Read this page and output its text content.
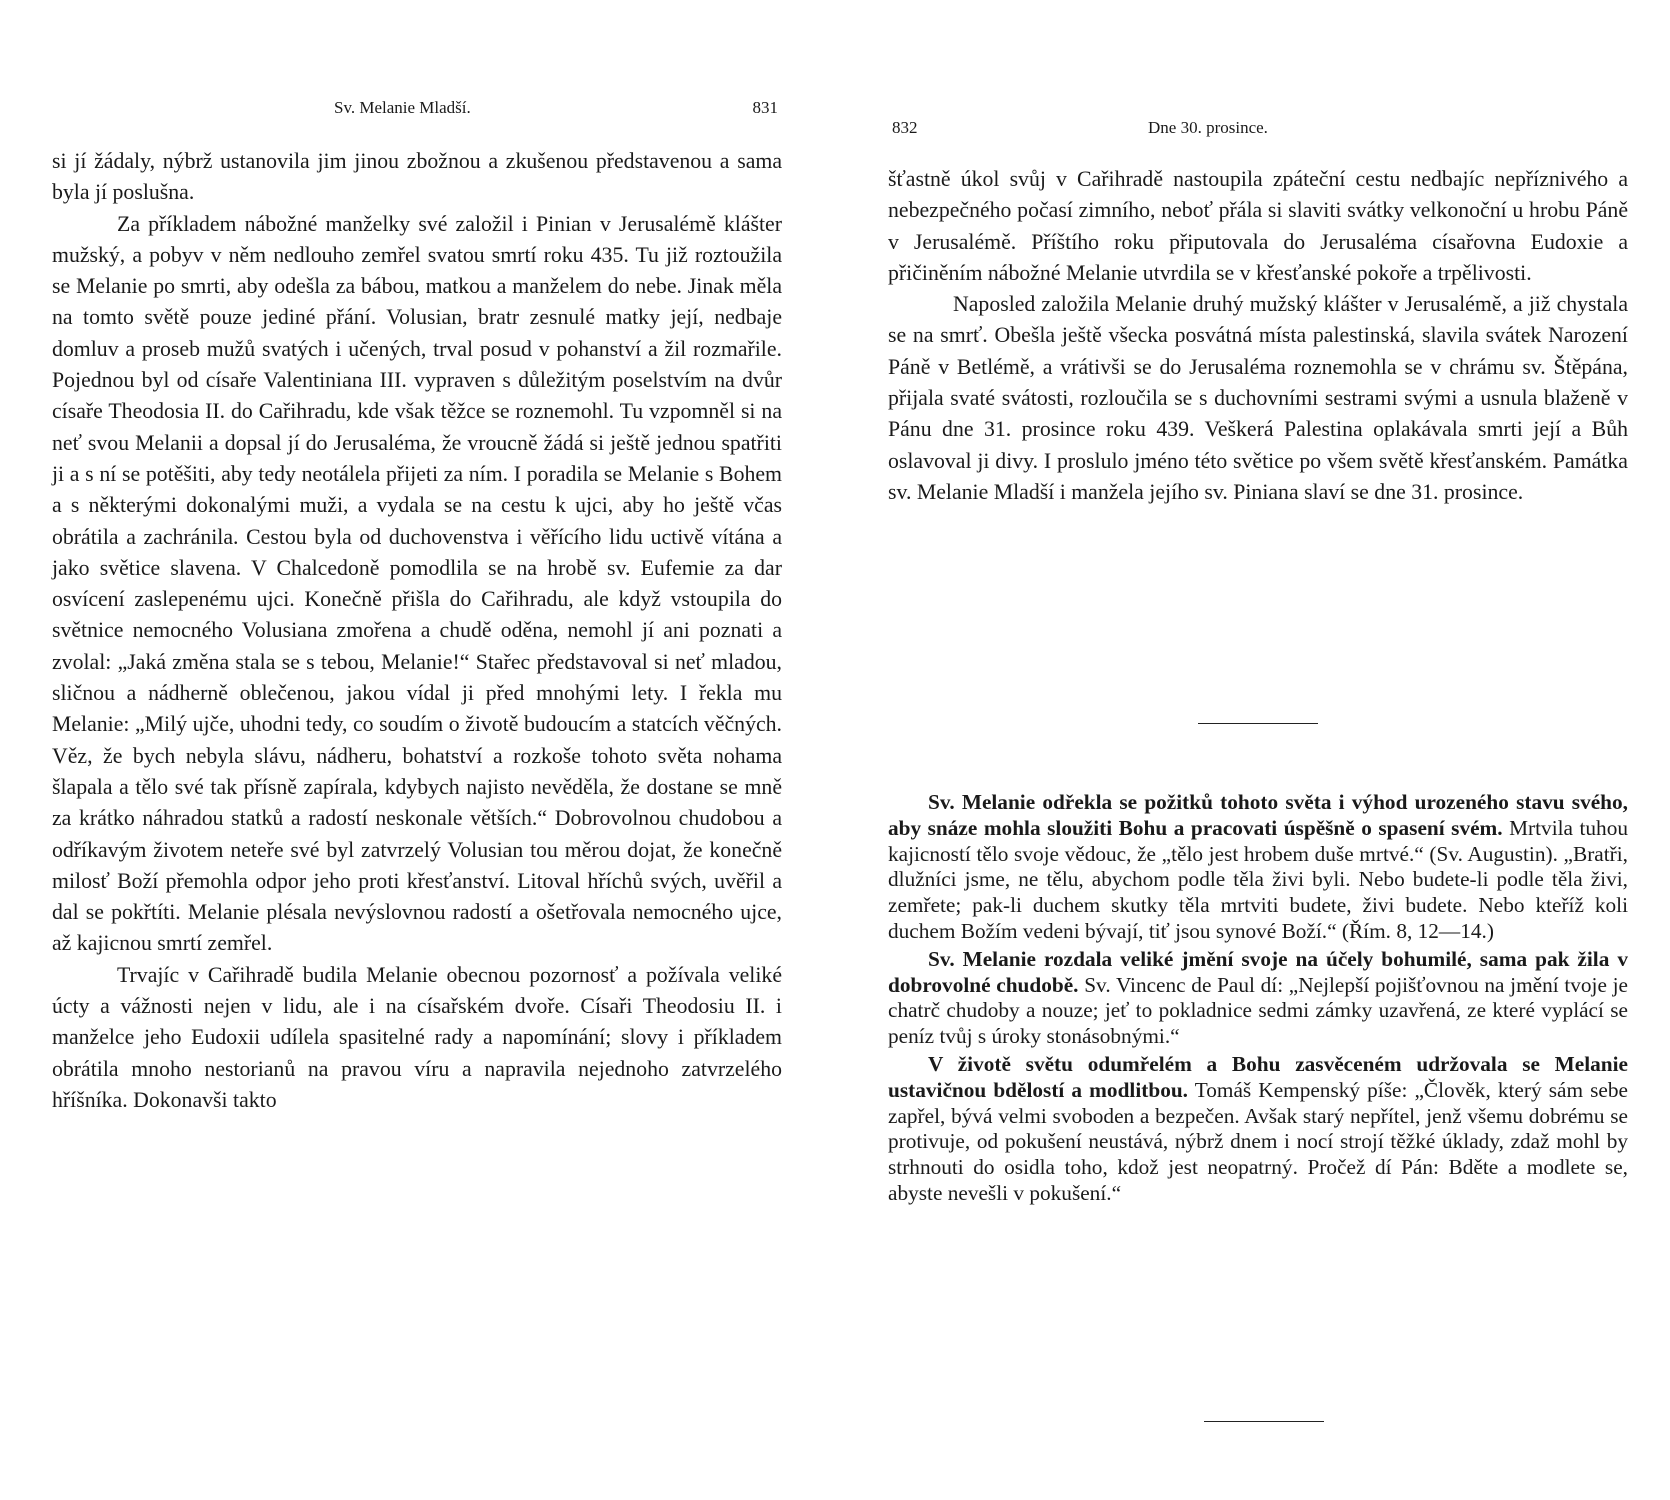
Sv. Melanie Mladší.	831

si jí žádaly, nýbrž ustanovila jim jinou zbožnou a zkušenou představenou a sama byla jí poslušna.

Za příkladem nábožné manželky své založil i Pinian v Jerusalémě klášter mužský, a pobyv v něm nedlouho zemřel svatou smrtí roku 435. Tu již roztoužila se Melanie po smrti, aby odešla za bábou, matkou a manželem do nebe. Jinak měla na tomto světě pouze jediné přání. Volusian, bratr zesnulé matky její, nedbaje domluv a proseb mužů svatých i učených, trval posud v pohanství a žil rozmařile. Pojednou byl od císaře Valentiniana III. vypraven s důležitým poselstvím na dvůr císaře Theodosia II. do Cařihradu, kde však těžce se roznemohl. Tu vzpomněl si na neť svou Melanii a dopsal jí do Jerusaléma, že vroucně žádá si ještě jednou spatřiti ji a s ní se potěšiti, aby tedy neotálela přijeti za ním. I poradila se Melanie s Bohem a s některými dokonalými muži, a vydala se na cestu k ujci, aby ho ještě včas obrátila a zachránila. Cestou byla od duchovenstva i věřícího lidu uctivě vítána a jako světice slavena. V Chalcedoně pomodlila se na hrobě sv. Eufemie za dar osvícení zaslepenému ujci. Konečně přišla do Cařihradu, ale když vstoupila do světnice nemocného Volusiana zmořena a chudě oděna, nemohl jí ani poznati a zvolal: „Jaká změna stala se s tebou, Melanie!“ Stařec představoval si neť mladou, sličnou a nádherně oblečenou, jakou vídal ji před mnohými lety. I řekla mu Melanie: „Milý ujče, uhodni tedy, co soudím o životě budoucím a statcích věčných. Věz, že bych nebyla slávu, nádheru, bohatství a rozkoše tohoto světa nohama šlapala a tělo své tak přísně zapírala, kdybych najisto nevěděla, že dostane se mně za krátko náhradou statků a radostí neskonale větších.“ Dobrovolnou chudobou a odříkavým životem neteře své byl zatvrzelý Volusian tou měrou dojat, že konečně milosť Boží přemohla odpor jeho proti křesťanství. Litoval hříchů svých, uvěřil a dal se pokřtíti. Melanie plésala nevýslovnou radostí a ošetřovala nemocného ujce, až kajicnou smrtí zemřel.

Trvajíc v Cařihradě budila Melanie obecnou pozornosť a požívala veliké úcty a vážnosti nejen v lidu, ale i na císařském dvoře. Císaři Theodosiu II. i manželce jeho Eudoxii udílela spasitelné rady a napomínání; slovy i příkladem obrátila mnoho nestorianů na pravou víru a napravila nejednoho zatvrzelého hříšníka. Dokonavši takto

832	Dne 30. prosince.

šťastně úkol svůj v Cařihradě nastoupila zpáteční cestu nedbajíc nepříznivého a nebezpečného počasí zimního, neboť přála si slaviti svátky velkonoční u hrobu Páně v Jerusalémě. Příštího roku připutovala do Jerusaléma císařovna Eudoxie a přičiněním nábožné Melanie utvrdila se v křesťanské pokoře a trpělivosti.

Naposled založila Melanie druhý mužský klášter v Jerusalémě, a již chystala se na smrť. Obešla ještě všecka posvátná místa palestinská, slavila svátek Narození Páně v Betlémě, a vrátivši se do Jerusaléma roznemohla se v chrámu sv. Štěpána, přijala svaté svátosti, rozloučila se s duchovními sestrami svými a usnula blaženě v Pánu dne 31. prosince roku 439. Veškerá Palestina oplakávala smrti její a Bůh oslavoval ji divy. I proslulo jméno této světice po všem světě křesťanském. Památka sv. Melanie Mladší i manžela jejího sv. Piniana slaví se dne 31. prosince.

Sv. Melanie odřekla se požitků tohoto světa i výhod urozeného stavu svého, aby snáze mohla sloužiti Bohu a pracovati úspěšně o spasení svém. Mrtvila tuhou kajicností tělo svoje vědouc, že „tělo jest hrobem duše mrtvé.“ (Sv. Augustin). „Bratři, dlužníci jsme, ne tělu, abychom podle těla živi byli. Nebo budete-li podle těla živi, zemřete; pak-li duchem skutky těla mrtviti budete, živi budete. Nebo kteříž koli duchem Božím vedeni bývají, tiť jsou synové Boží.“ (Řím. 8, 12—14.)

Sv. Melanie rozdala veliké jmění svoje na účely bohumilé, sama pak žila v dobrovolné chudobě. Sv. Vincenc de Paul dí: „Nejlepší pojišťovnou na jmění tvoje je chatrč chudoby a nouze; jeť to pokladnice sedmi zámky uzavřená, ze které vyplácí se peníz tvůj s úroky stonásobnými.“

V životě světu odumřelém a Bohu zasvěceném udržovala se Melanie ustavičnou bdělostí a modlitbou. Tomáš Kempenský píše: „Člověk, který sám sebe zapřel, bývá velmi svoboden a bezpečen. Avšak starý nepřítel, jenž všemu dobrému se protivuje, od pokušení neustává, nýbrž dnem i nocí strojí těžké úklady, zdaž mohl by strhnouti do osidla toho, kdož jest neopatrný. Pročež dí Pán: Bděte a modlete se, abyste nevešli v pokušení.“
